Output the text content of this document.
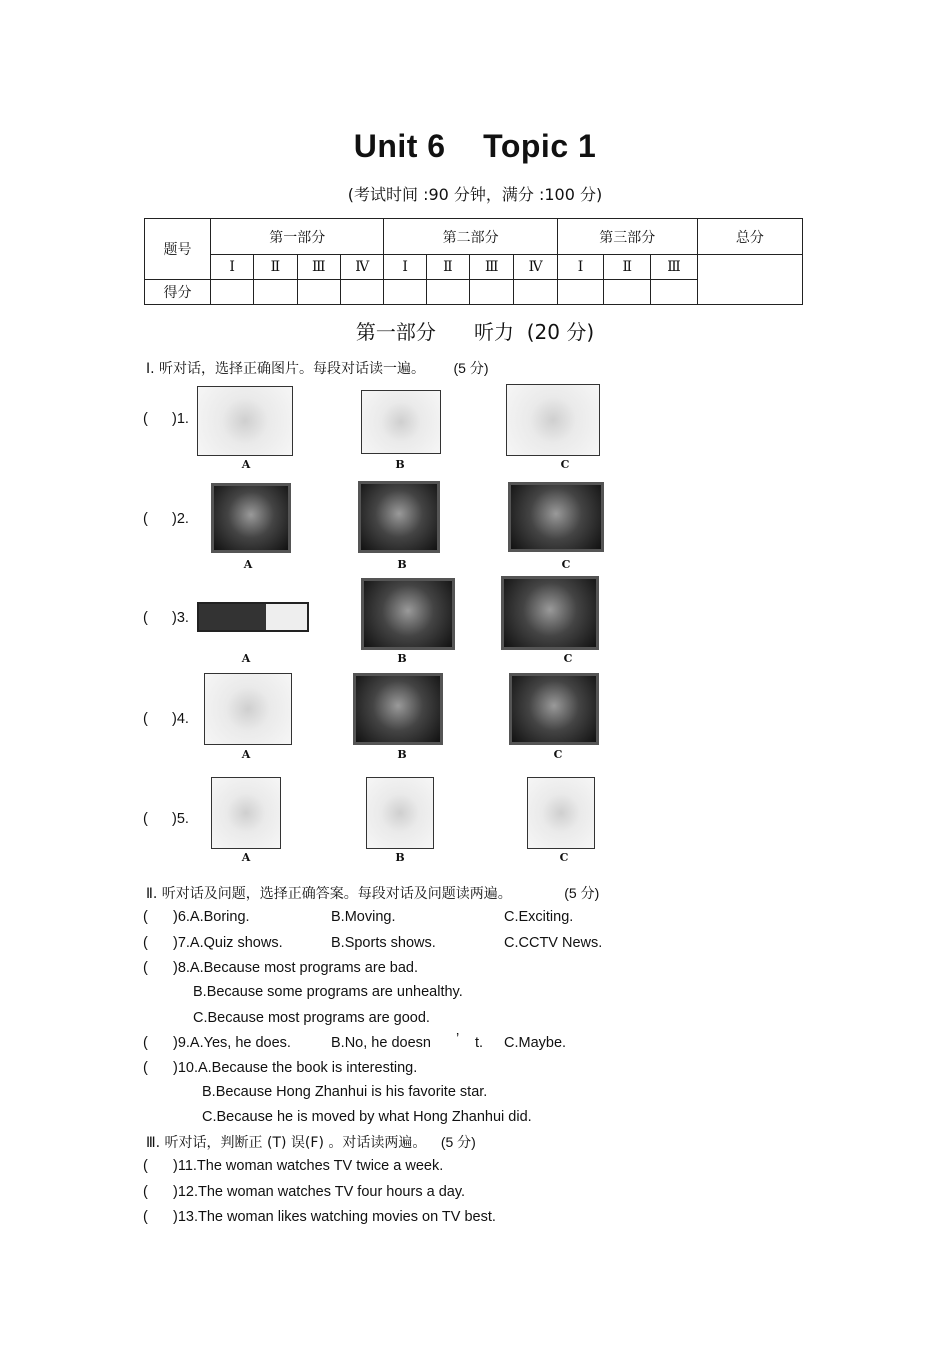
Unit 6    Topic 1
(考试时间 :90 分钟，满分 :100 分)
题号	第一部分				第二部分				第三部分			总分
	Ⅰ	Ⅱ	Ⅲ	Ⅳ	Ⅰ	Ⅱ	Ⅲ	Ⅳ	Ⅰ	Ⅱ	Ⅲ	
得分												
第一部分      听力  (20 分)
Ⅰ. 听对话，选择正确图片。每段对话读一遍。 (5 分)
(      )1.
A	B	C
(      )2.
A	B	C
(      )3.
A	B	C
(      )4.
A	B	C
(      )5.
A	B	C
Ⅱ. 听对话及问题，选择正确答案。每段对话及问题读两遍。	(5 分)
( )6.A.Boring.	B.Moving.	C.Exciting.
( )7.A.Quiz shows.	B.Sports shows.	C.CCTV News.
( )8.A.Because most programs are bad.
B.Because some programs are unhealthy.
C.Because most programs are good.
( )9.A.Yes, he does.	B.No, he doesn ’ t. C.Maybe.
( )10.A.Because the book is interesting.
B.Because Hong Zhanhui is his favorite star.
C.Because he is moved by what Hong Zhanhui did.
Ⅲ. 听对话，判断正 (T) 误(F) 。对话读两遍。 (5 分)
( )11.The woman watches TV twice a week.
( )12.The woman watches TV four hours a day.
( )13.The woman likes watching movies on TV best.
